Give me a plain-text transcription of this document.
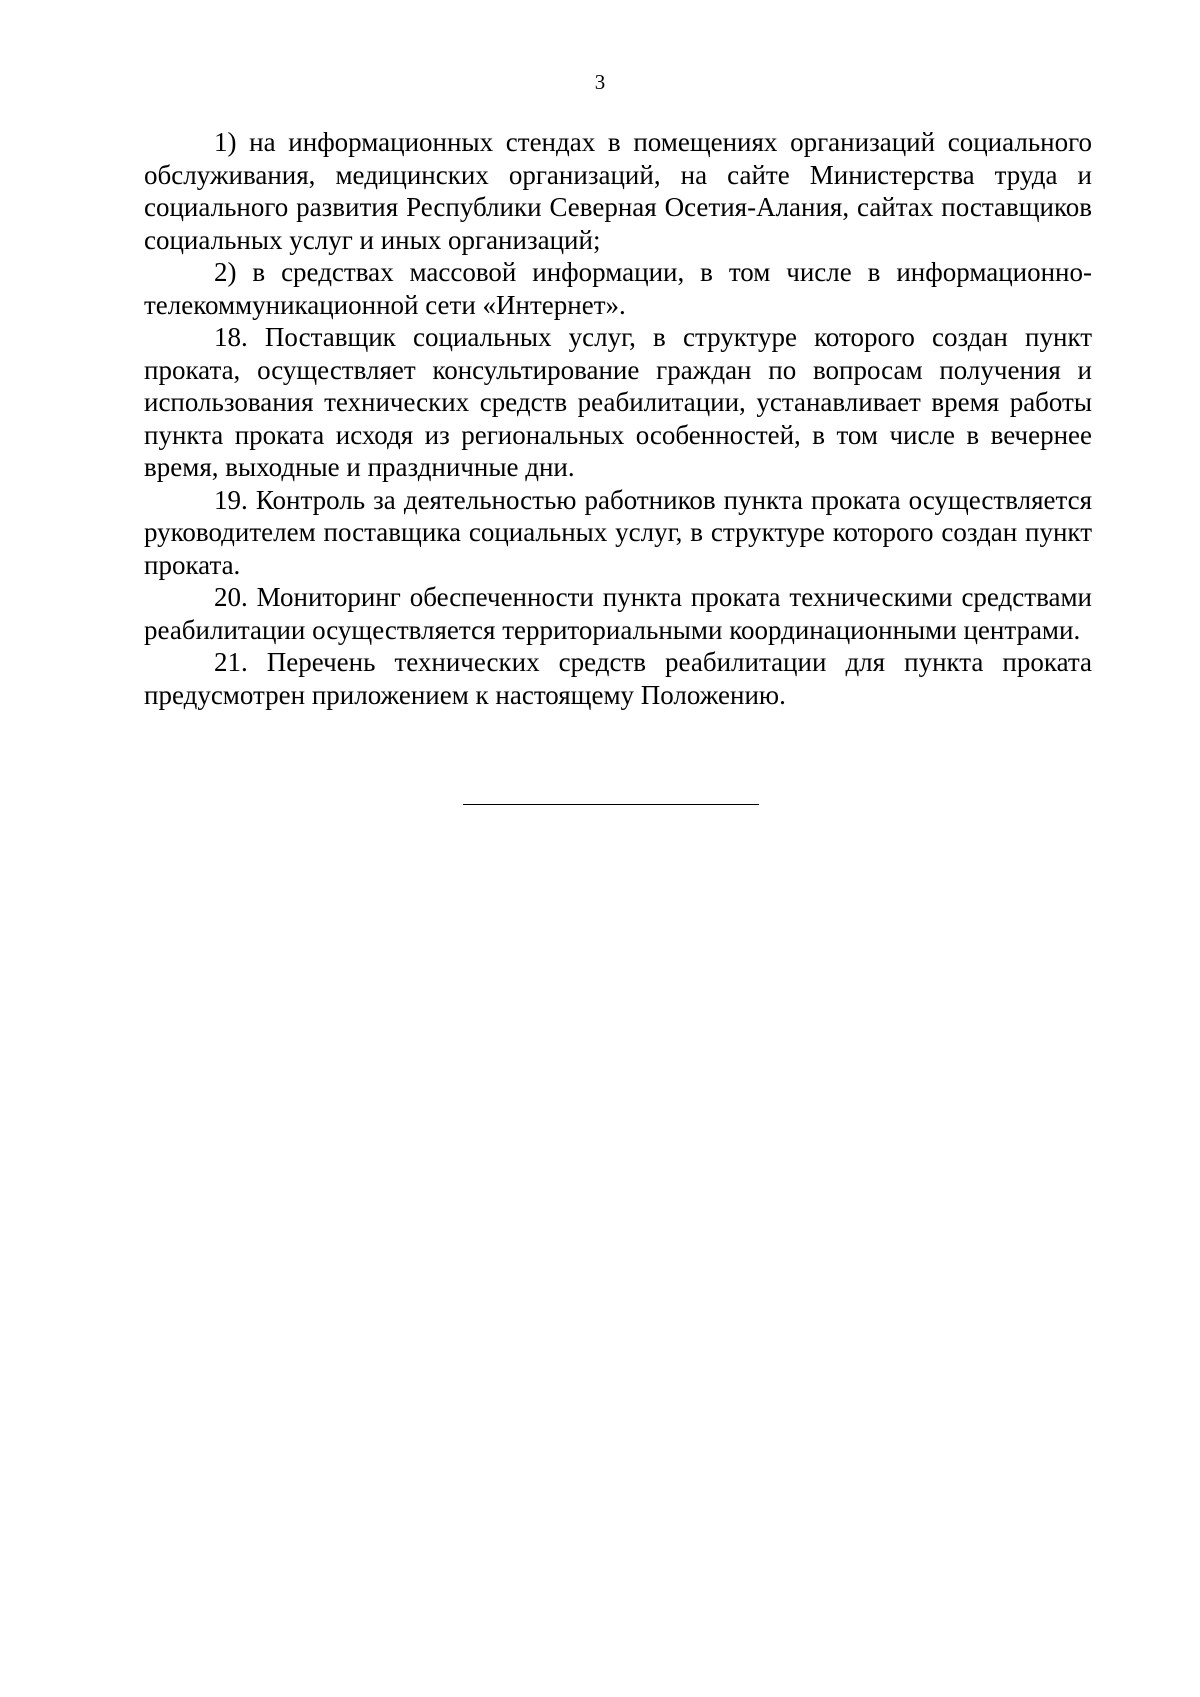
3

1) на информационных стендах в помещениях организаций социального обслуживания, медицинских организаций, на сайте Министерства труда и социального развития Республики Северная Осетия-Алания, сайтах поставщиков социальных услуг и иных организаций;

2) в средствах массовой информации, в том числе в информационно-телекоммуникационной сети «Интернет».

18. Поставщик социальных услуг, в структуре которого создан пункт проката, осуществляет консультирование граждан по вопросам получения и использования технических средств реабилитации, устанавливает время работы пункта проката исходя из региональных особенностей, в том числе в вечернее время, выходные и праздничные дни.

19. Контроль за деятельностью работников пункта проката осуществляется руководителем поставщика социальных услуг, в структуре которого создан пункт проката.

20. Мониторинг обеспеченности пункта проката техническими средствами реабилитации осуществляется территориальными координационными центрами.

21. Перечень технических средств реабилитации для пункта проката предусмотрен приложением к настоящему Положению.
